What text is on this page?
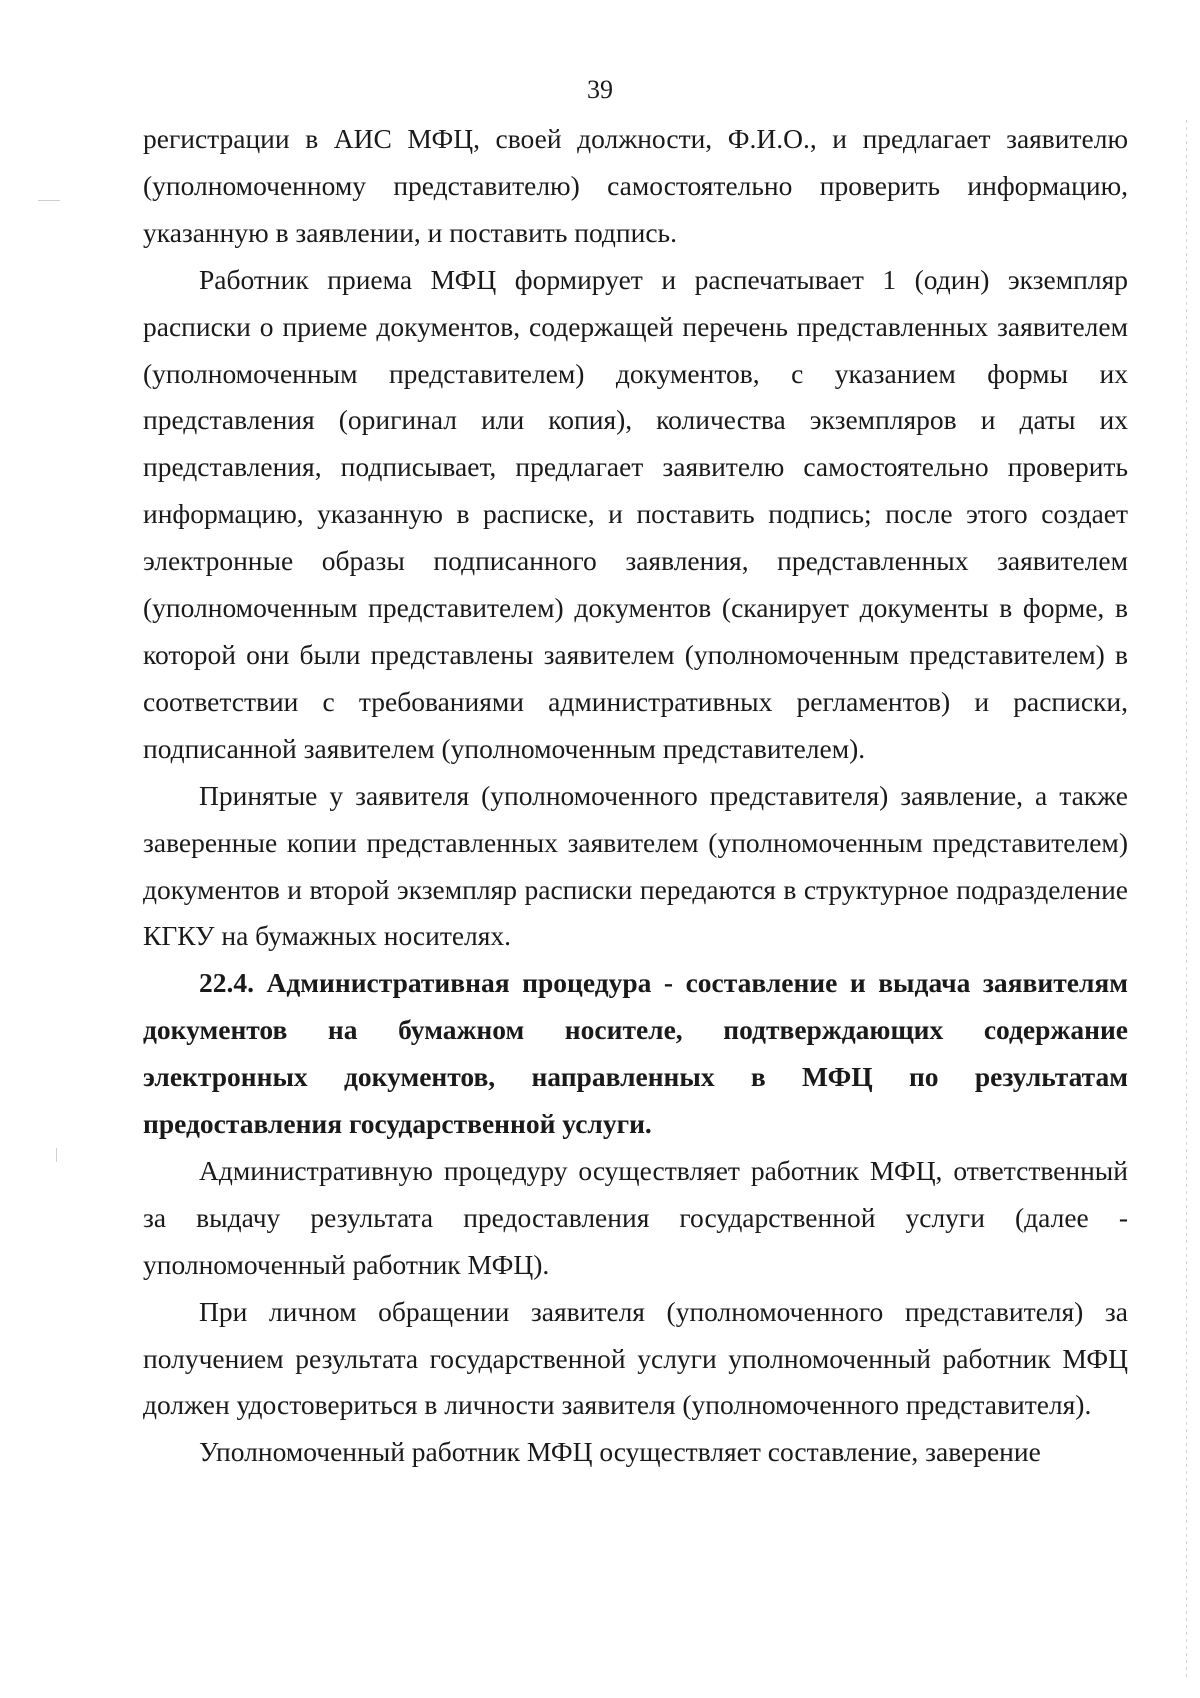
39

регистрации в АИС МФЦ, своей должности, Ф.И.О., и предлагает заявителю (уполномоченному представителю) самостоятельно проверить информацию, указанную в заявлении, и поставить подпись.

Работник приема МФЦ формирует и распечатывает 1 (один) экземпляр расписки о приеме документов, содержащей перечень представленных заявителем (уполномоченным представителем) документов, с указанием формы их представления (оригинал или копия), количества экземпляров и даты их представления, подписывает, предлагает заявителю самостоятельно проверить информацию, указанную в расписке, и поставить подпись; после этого создает электронные образы подписанного заявления, представленных заявителем (уполномоченным представителем) документов (сканирует документы в форме, в которой они были представлены заявителем (уполномоченным представителем) в соответствии с требованиями административных регламентов) и расписки, подписанной заявителем (уполномоченным представителем).

Принятые у заявителя (уполномоченного представителя) заявление, а также заверенные копии представленных заявителем (уполномоченным представителем) документов и второй экземпляр расписки передаются в структурное подразделение КГКУ на бумажных носителях.

22.4. Административная процедура - составление и выдача заявителям документов на бумажном носителе, подтверждающих содержание электронных документов, направленных в МФЦ по результатам предоставления государственной услуги.

Административную процедуру осуществляет работник МФЦ, ответственный за выдачу результата предоставления государственной услуги (далее - уполномоченный работник МФЦ).

При личном обращении заявителя (уполномоченного представителя) за получением результата государственной услуги уполномоченный работник МФЦ должен удостовериться в личности заявителя (уполномоченного представителя).

Уполномоченный работник МФЦ осуществляет составление, заверение
